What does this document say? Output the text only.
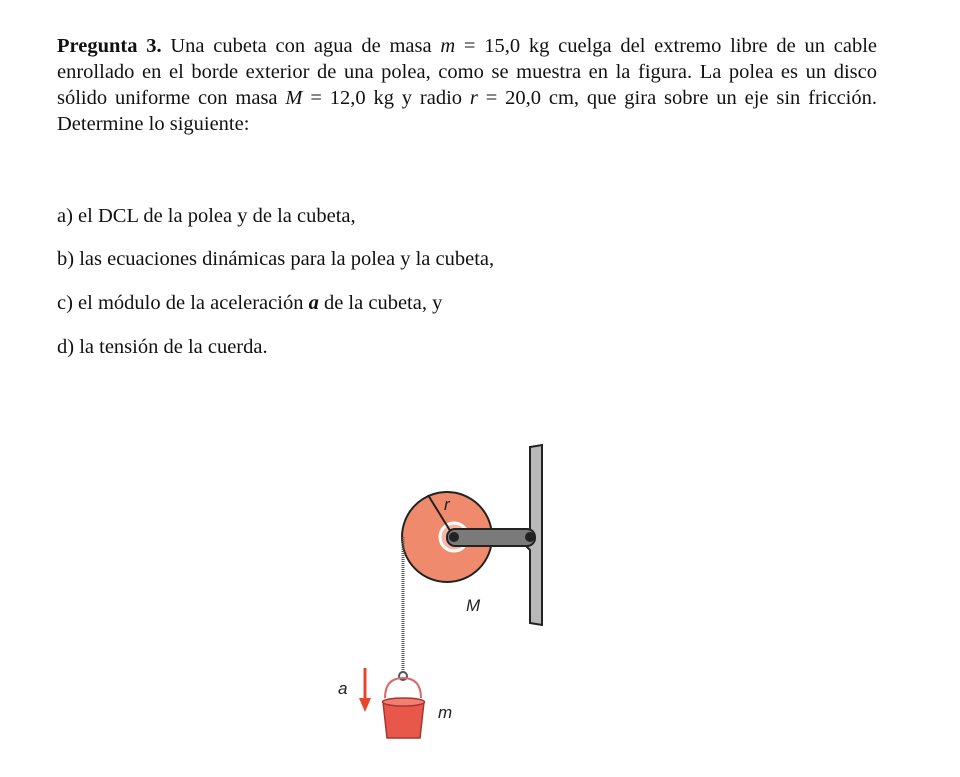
Pregunta 3. Una cubeta con agua de masa m = 15,0 kg cuelga del extremo libre de un cable enrollado en el borde exterior de una polea, como se muestra en la figura. La polea es un disco sólido uniforme con masa M = 12,0 kg y radio r = 20,0 cm, que gira sobre un eje sin fricción. Determine lo siguiente:

a) el DCL de la polea y de la cubeta,

b) las ecuaciones dinámicas para la polea y la cubeta,

c) el módulo de la aceleración a de la cubeta, y

d) la tensión de la cuerda.

r
M
m
a
